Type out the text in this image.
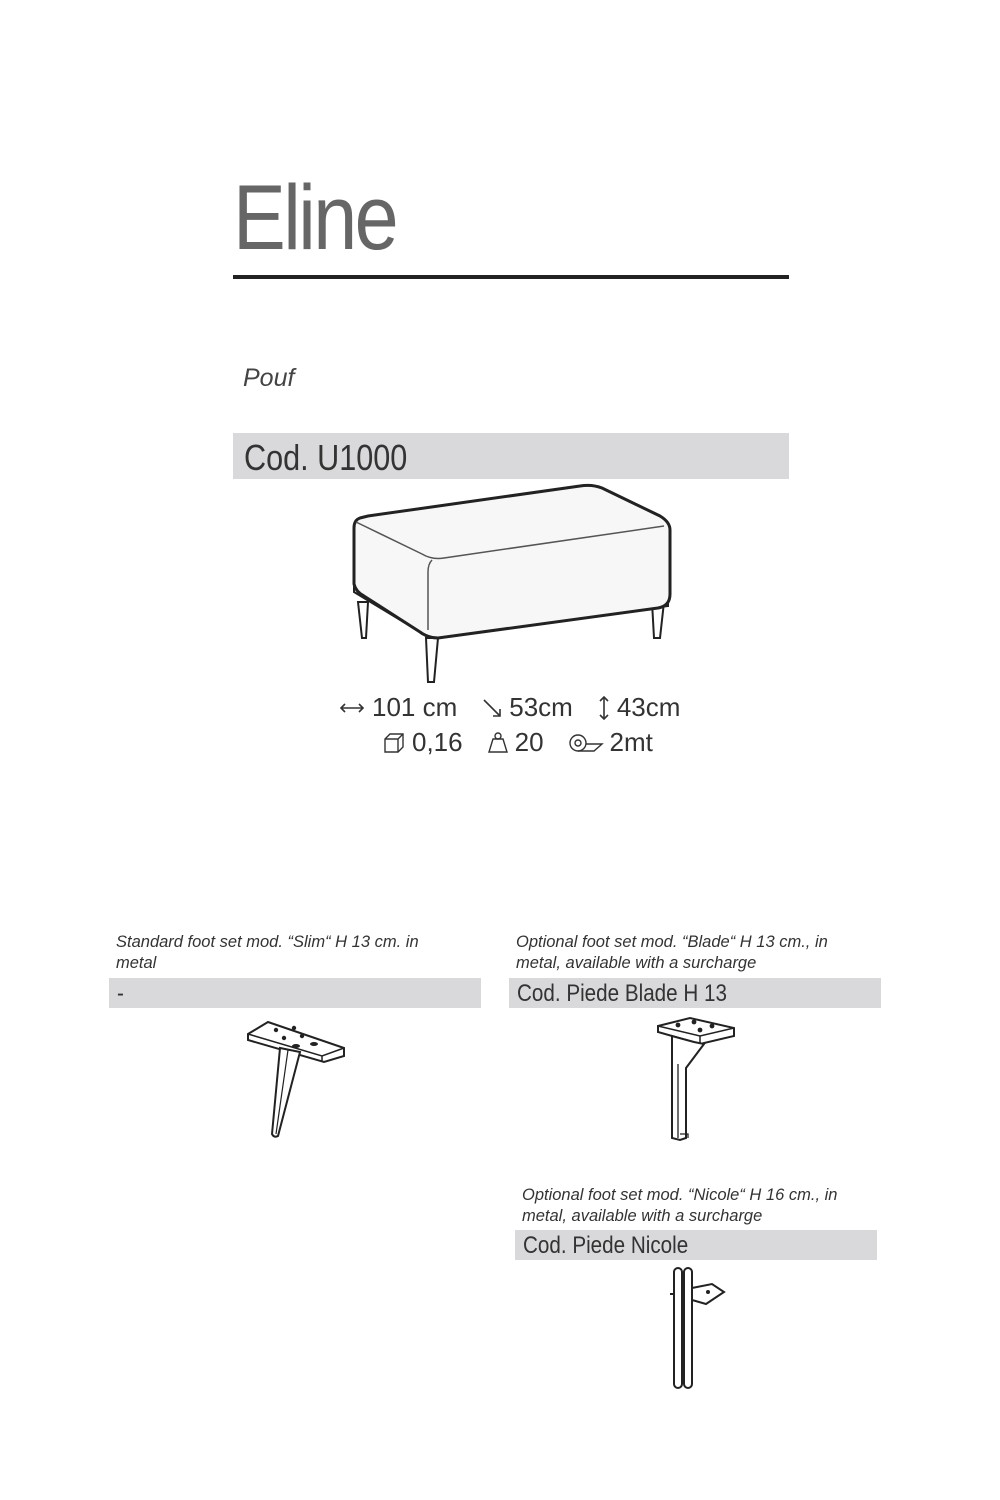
Eline
Pouf
Cod. U1000
101 cm 53cm 43cm
0,16 20	2mt
Standard foot set mod. “Slim“ H 13 cm. in metal
-
Optional foot set mod. “Blade“ H 13 cm., in metal, available with a surcharge
Cod. Piede Blade H 13
Optional foot set mod. “Nicole“ H 16 cm., in metal, available with a surcharge
Cod. Piede Nicole
